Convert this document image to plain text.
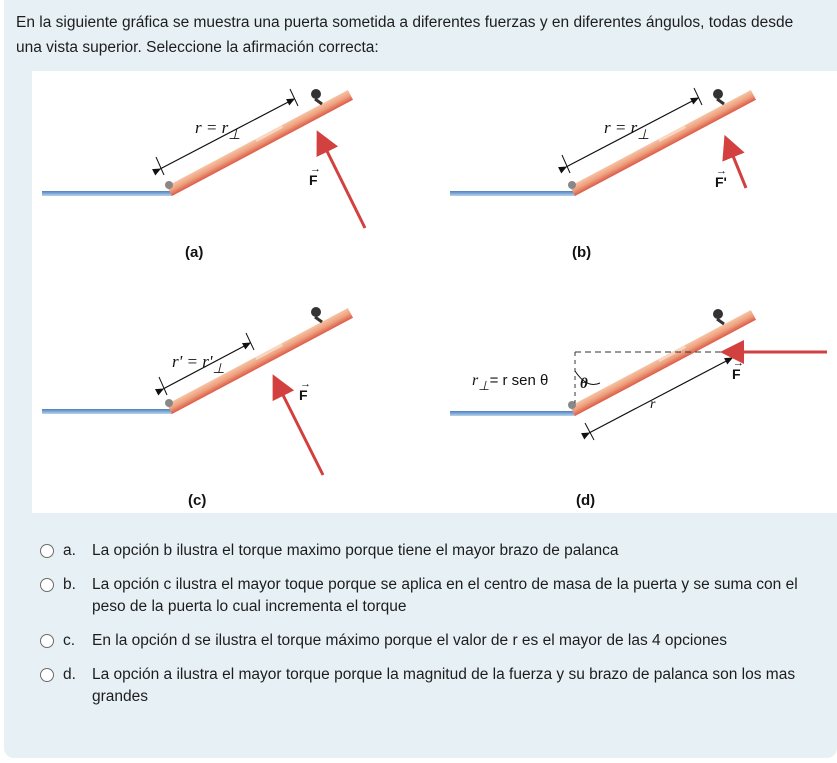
En la siguiente gráfica se muestra una puerta sometida a diferentes fuerzas y en diferentes ángulos, todas desde una vista superior. Seleccione la afirmación correcta:
$r = r_\perp$
F
→
(a)
$r = r_\perp$
F'
→
(b)
$r' = r'_\perp$
F
→
(c)
$r_\perp= r$ sen θ θ
r
F
→
(d)
a.	La opción b ilustra el torque maximo porque tiene el mayor brazo de palanca
b.	La opción c ilustra el mayor toque porque se aplica en el centro de masa de la puerta y se suma con el peso de la puerta lo cual incrementa el torque
c.	En la opción d se ilustra el torque máximo porque el valor de r es el mayor de las 4 opciones
d.	La opción a ilustra el mayor torque porque la magnitud de la fuerza y su brazo de palanca son los mas grandes
